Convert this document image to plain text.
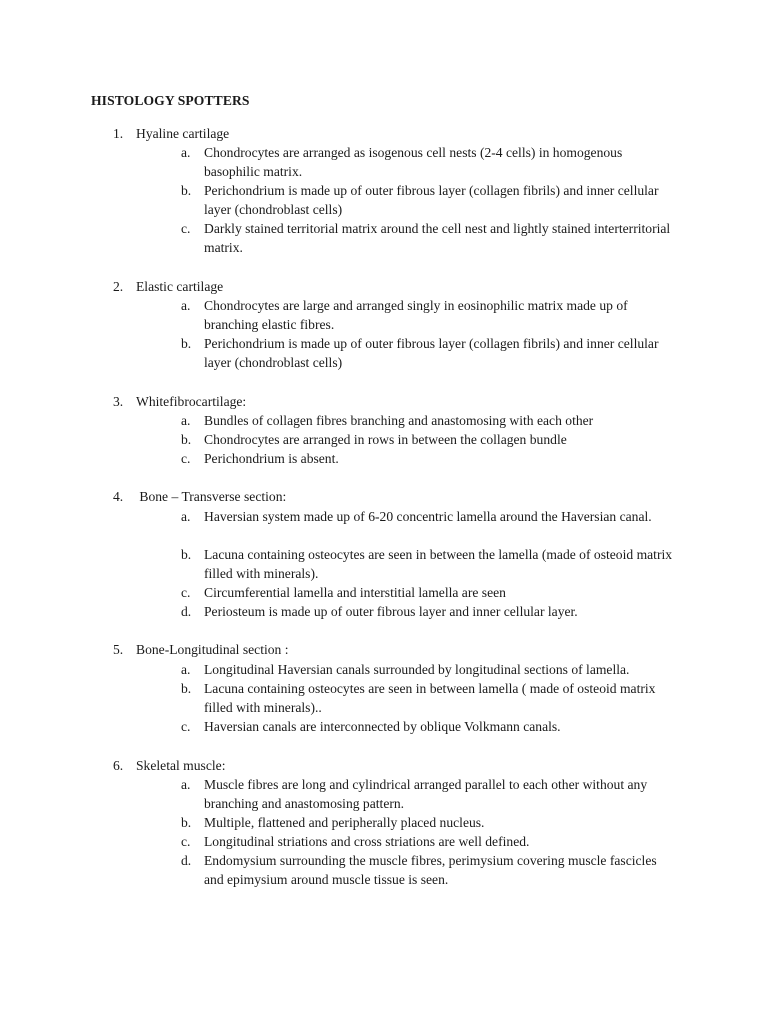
HISTOLOGY SPOTTERS
1. Hyaline cartilage
a. Chondrocytes are arranged as isogenous cell nests (2-4 cells) in homogenous basophilic matrix.
b. Perichondrium is made up of outer fibrous layer (collagen fibrils) and inner cellular layer (chondroblast cells)
c. Darkly stained territorial matrix around the cell nest and lightly stained interterritorial matrix.
2. Elastic cartilage
a. Chondrocytes are large and arranged singly in eosinophilic matrix made up of branching elastic fibres.
b. Perichondrium is made up of outer fibrous layer (collagen fibrils) and inner cellular layer (chondroblast cells)
3. Whitefibrocartilage:
a. Bundles of collagen fibres branching and anastomosing with each other
b. Chondrocytes are arranged in rows in between the collagen bundle
c. Perichondrium is absent.
4. Bone – Transverse section:
a. Haversian system made up of 6-20 concentric lamella around the Haversian canal.
b. Lacuna containing osteocytes are seen in between the lamella (made of osteoid matrix filled with minerals).
c. Circumferential lamella and interstitial lamella are seen
d. Periosteum is made up of outer fibrous layer and inner cellular layer.
5. Bone-Longitudinal section :
a. Longitudinal Haversian canals surrounded by longitudinal sections of lamella.
b. Lacuna containing osteocytes are seen in between lamella ( made of osteoid matrix filled with minerals)..
c. Haversian canals are interconnected by oblique Volkmann canals.
6. Skeletal muscle:
a. Muscle fibres are long and cylindrical arranged parallel to each other without any branching and anastomosing pattern.
b. Multiple, flattened and peripherally placed nucleus.
c. Longitudinal striations and cross striations are well defined.
d. Endomysium surrounding the muscle fibres, perimysium covering muscle fascicles and epimysium around muscle tissue is seen.
